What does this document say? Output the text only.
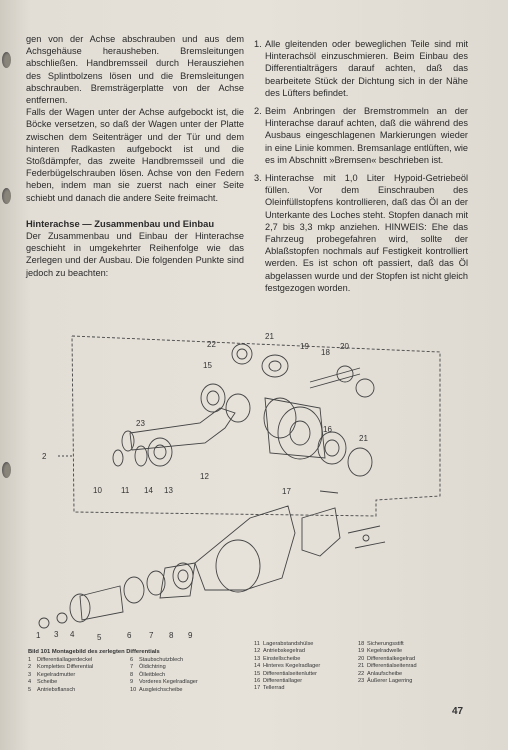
gen von der Achse abschrauben und aus dem Achsgehäuse herausheben. Bremsleitungen abschließen. Handbremsseil durch Herausziehen des Splintbolzens lösen und die Bremsleitungen abschrauben. Bremsträgerplatte von der Achse entfernen.

Falls der Wagen unter der Achse aufgebockt ist, die Böcke versetzen, so daß der Wagen unter der Platte zwischen dem Seitenträger und der Tür und dem hinteren Radkasten aufgebockt ist und die Stoßdämpfer, das zweite Handbremsseil und die Federbügelschrauben lösen. Achse von den Federn heben, indem man sie zuerst nach einer Seite schiebt und danach die andere Seite freimacht.

Hinterachse — Zusammenbau und Einbau

Der Zusammenbau und Einbau der Hinterachse geschieht in umgekehrter Reihenfolge wie das Zerlegen und der Ausbau. Die folgenden Punkte sind jedoch zu beachten:

1. Alle gleitenden oder beweglichen Teile sind mit Hinterachsöl einzuschmieren. Beim Einbau des Differentialträgers darauf achten, daß das bearbeitete Stück der Dichtung sich in der Nähe des Lüfters befindet.
2. Beim Anbringen der Bremstrommeln an der Hinterachse darauf achten, daß die während des Ausbaus eingeschlagenen Markierungen wieder in eine Linie kommen. Bremsanlage entlüften, wie es im Abschnitt »Bremsen« beschrieben ist.
3. Hinterachse mit 1,0 Liter Hypoid-Getriebeöl füllen. Vor dem Einschrauben des Oleinfüllstopfens kontrollieren, daß das Öl an der Unterkante des Loches steht. Stopfen danach mit 2,7 bis 3,3 mkp anziehen. HINWEIS: Ehe das Fahrzeug probegefahren wird, sollte der Ablaßstopfen nochmals auf Festigkeit kontrolliert werden. Es ist schon oft passiert, daß das Öl abgelassen wurde und der Stopfen ist nicht gleich festgezogen worden.
2
22
21
19
18
20
15
23
12
16
21
10 11 14 13	17
1 3 4	5	6 7 8 9
Bild 101 Montagebild des zerlegten Differentials
1 Differentiallagerdeckel
2 Komplettes Differential
3 Kegelradmutter
4 Scheibe
5 Antriebsflansch
6 Staubschutzblech
7 Öldichtring
8 Ölleitblech
9 Vorderes Kegelradlager
10 Ausgleichscheibe
11 Lagerabstandshülse
12 Antriebskegelrad
13 Einstellscheibe
14 Hinteres Kegelradlager
15 Differentialseitenlutter
16 Differentiallager
17 Tellerrad
18 Sicherungsstift
19 Kegelradwelle
20 Differentialkegelrad
21 Differentialseitenrad
22 Anlaufscheibe
23 Äußerer Lagerring
47
